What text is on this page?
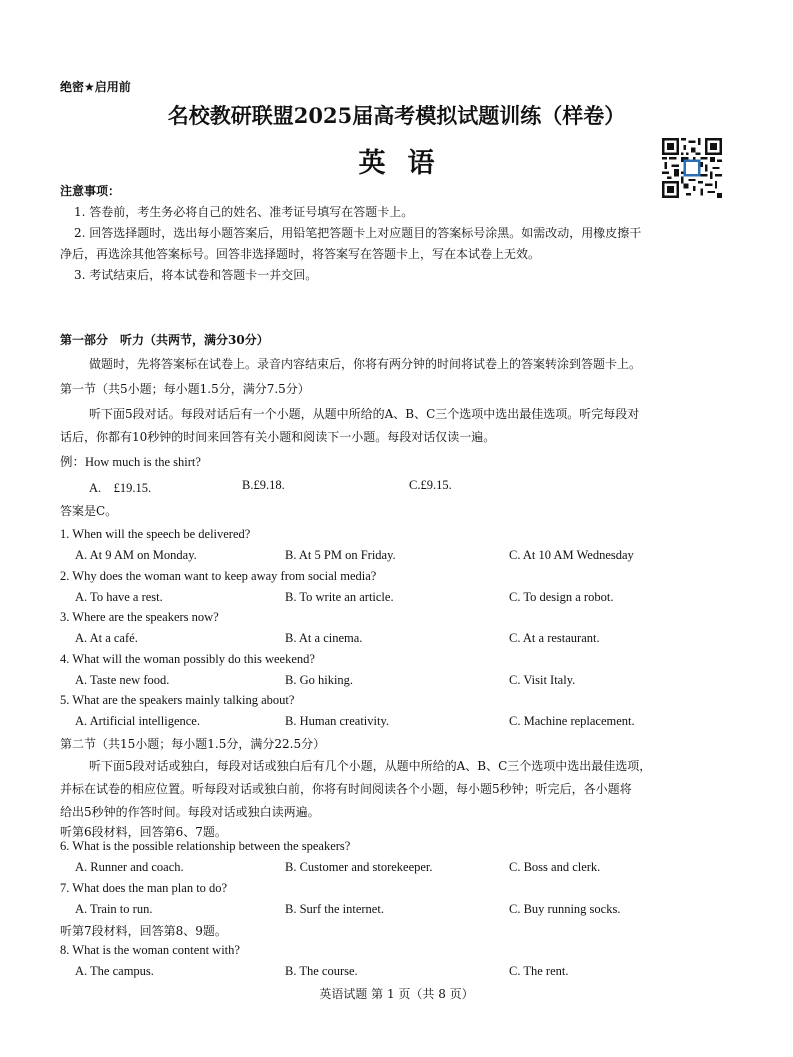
绝密★启用前
名校教研联盟2025届高考模拟试题训练（样卷）
英语
注意事项：
1. 答卷前，考生务必将自己的姓名、准考证号填写在答题卡上。
2. 回答选择题时，选出每小题答案后，用铅笔把答题卡上对应题目的答案标号涂黑。如需改动，用橡皮擦干
净后，再选涂其他答案标号。回答非选择题时，将答案写在答题卡上，写在本试卷上无效。
3. 考试结束后，将本试卷和答题卡一并交回。
第一部分　听力（共两节，满分30分）
做题时，先将答案标在试卷上。录音内容结束后，你将有两分钟的时间将试卷上的答案转涂到答题卡上。
第一节（共5小题；每小题1.5分，满分7.5分）
听下面5段对话。每段对话后有一个小题，从题中所给的A、B、C三个选项中选出最佳选项。听完每段对
话后，你都有10秒钟的时间来回答有关小题和阅读下一小题。每段对话仅读一遍。
例：How much is the shirt?
A.　£19.15.	B.£9.18.	C.£9.15.
答案是C。
1. When will the speech be delivered?
A. At 9 AM on Monday.	B. At 5 PM on Friday.	C. At 10 AM Wednesday
2. Why does the woman want to keep away from social media?
A. To have a rest.	B. To write an article.	C. To design a robot.
3. Where are the speakers now?
A. At a café.	B. At a cinema.	C. At a restaurant.
4. What will the woman possibly do this weekend?
A. Taste new food.	B. Go hiking.	C. Visit Italy.
5. What are the speakers mainly talking about?
A. Artificial intelligence.	B. Human creativity.	C. Machine replacement.
第二节（共15小题；每小题1.5分，满分22.5分）
听下面5段对话或独白，每段对话或独白后有几个小题，从题中所给的A、B、C三个选项中选出最佳选项，
并标在试卷的相应位置。听每段对话或独白前，你将有时间阅读各个小题，每小题5秒钟；听完后，各小题将
给出5秒钟的作答时间。每段对话或独白读两遍。
听第6段材料，回答第6、7题。
6. What is the possible relationship between the speakers?
A. Runner and coach.	B. Customer and storekeeper.	C. Boss and clerk.
7. What does the man plan to do?
A. Train to run.	B. Surf the internet.	C. Buy running socks.
听第7段材料，回答第8、9题。
8. What is the woman content with?
A. The campus.	B. The course.	C. The rent.
英语试题 第 1 页（共 8 页）
